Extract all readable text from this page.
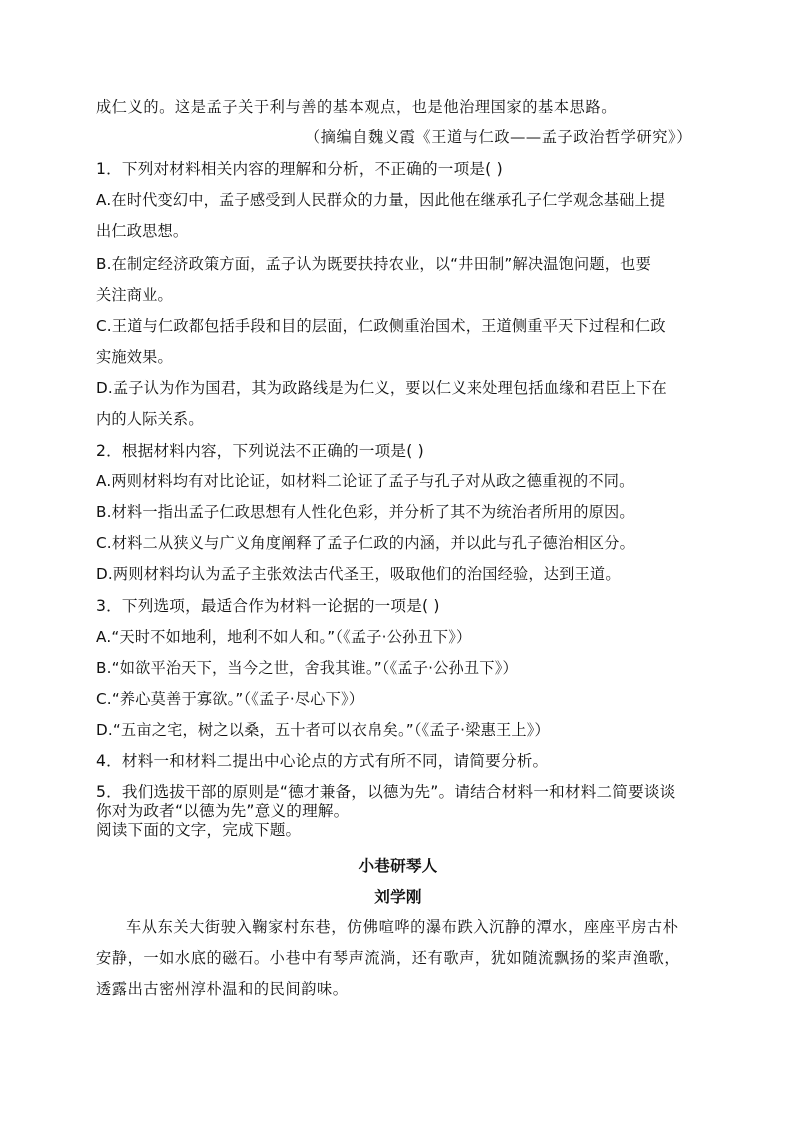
成仁义的。这是孟子关于利与善的基本观点，也是他治理国家的基本思路。
（摘编自魏义霞《王道与仁政——孟子政治哲学研究》）
1．下列对材料相关内容的理解和分析，不正确的一项是( )
A.在时代变幻中，孟子感受到人民群众的力量，因此他在继承孔子仁学观念基础上提
出仁政思想。
B.在制定经济政策方面，孟子认为既要扶持农业，以“井田制”解决温饱问题，也要
关注商业。
C.王道与仁政都包括手段和目的层面，仁政侧重治国术，王道侧重平天下过程和仁政
实施效果。
D.孟子认为作为国君，其为政路线是为仁义，要以仁义来处理包括血缘和君臣上下在
内的人际关系。
2．根据材料内容，下列说法不正确的一项是( )
A.两则材料均有对比论证，如材料二论证了孟子与孔子对从政之德重视的不同。
B.材料一指出孟子仁政思想有人性化色彩，并分析了其不为统治者所用的原因。
C.材料二从狭义与广义角度阐释了孟子仁政的内涵，并以此与孔子德治相区分。
D.两则材料均认为孟子主张效法古代圣王，吸取他们的治国经验，达到王道。
3．下列选项，最适合作为材料一论据的一项是( )
A.“天时不如地利，地利不如人和。”（《孟子·公孙丑下》）
B.“如欲平治天下，当今之世，舍我其谁。”（《孟子·公孙丑下》）
C.“养心莫善于寡欲。”（《孟子·尽心下》）
D.“五亩之宅，树之以桑，五十者可以衣帛矣。”（《孟子·梁惠王上》）
4．材料一和材料二提出中心论点的方式有所不同，请简要分析。
5．我们选拔干部的原则是“德才兼备，以德为先”。请结合材料一和材料二简要谈谈
你对为政者“以德为先”意义的理解。
阅读下面的文字，完成下题。
小巷研琴人
刘学刚
车从东关大街驶入鞠家村东巷，仿佛喧哗的瀑布跌入沉静的潭水，座座平房古朴
安静，一如水底的磁石。小巷中有琴声流淌，还有歌声，犹如随流飘扬的桨声渔歌，
透露出古密州淳朴温和的民间韵味。
